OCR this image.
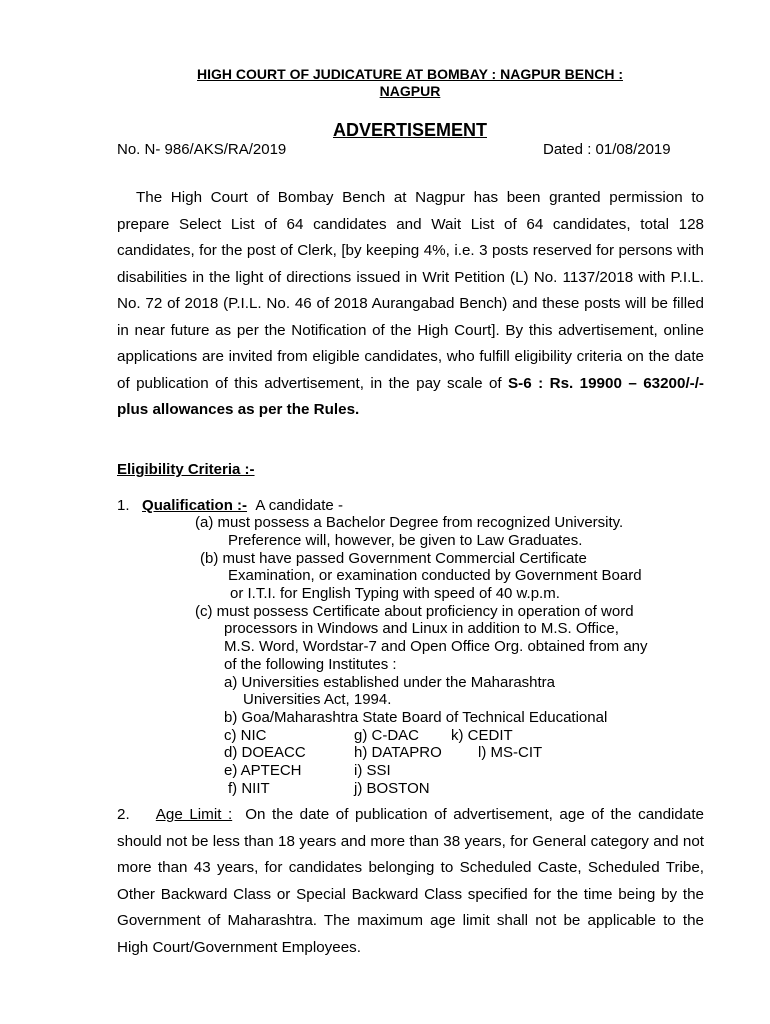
HIGH COURT OF JUDICATURE AT BOMBAY : NAGPUR BENCH :
NAGPUR
ADVERTISEMENT
No. N- 986/AKS/RA/2019	Dated : 01/08/2019

The High Court of Bombay Bench at Nagpur has been granted permission to prepare Select List of 64 candidates and Wait List of 64 candidates, total 128 candidates, for the post of Clerk, [by keeping 4%, i.e. 3 posts reserved for persons with disabilities in the light of directions issued in Writ Petition (L) No. 1137/2018 with P.I.L. No. 72 of 2018 (P.I.L. No. 46 of 2018 Aurangabad Bench) and these posts will be filled in near future as per the Notification of the High Court]. By this advertisement, online applications are invited from eligible candidates, who fulfill eligibility criteria on the date of publication of this advertisement, in the pay scale of S-6 : Rs. 19900 – 63200/-/- plus allowances as per the Rules.

Eligibility Criteria :-
1. Qualification :- A candidate -
(a) must possess a Bachelor Degree from recognized University.
Preference will, however, be given to Law Graduates.
(b) must have passed Government Commercial Certificate
Examination, or examination conducted by Government Board
or I.T.I. for English Typing with speed of 40 w.p.m.
(c) must possess Certificate about proficiency in operation of word
processors in Windows and Linux in addition to M.S. Office,
M.S. Word, Wordstar-7 and Open Office Org. obtained from any
of the following Institutes :
a) Universities established under the Maharashtra
Universities Act, 1994.
b) Goa/Maharashtra State Board of Technical Educational
c) NIC	g) C-DAC k) CEDIT
d) DOEACC	h) DATAPRO l) MS-CIT
e) APTECH	i) SSI
f) NIIT	j) BOSTON

2. Age Limit : On the date of publication of advertisement, age of the candidate should not be less than 18 years and more than 38 years, for General category and not more than 43 years, for candidates belonging to Scheduled Caste, Scheduled Tribe, Other Backward Class or Special Backward Class specified for the time being by the Government of Maharashtra. The maximum age limit shall not be applicable to the High Court/Government Employees.
